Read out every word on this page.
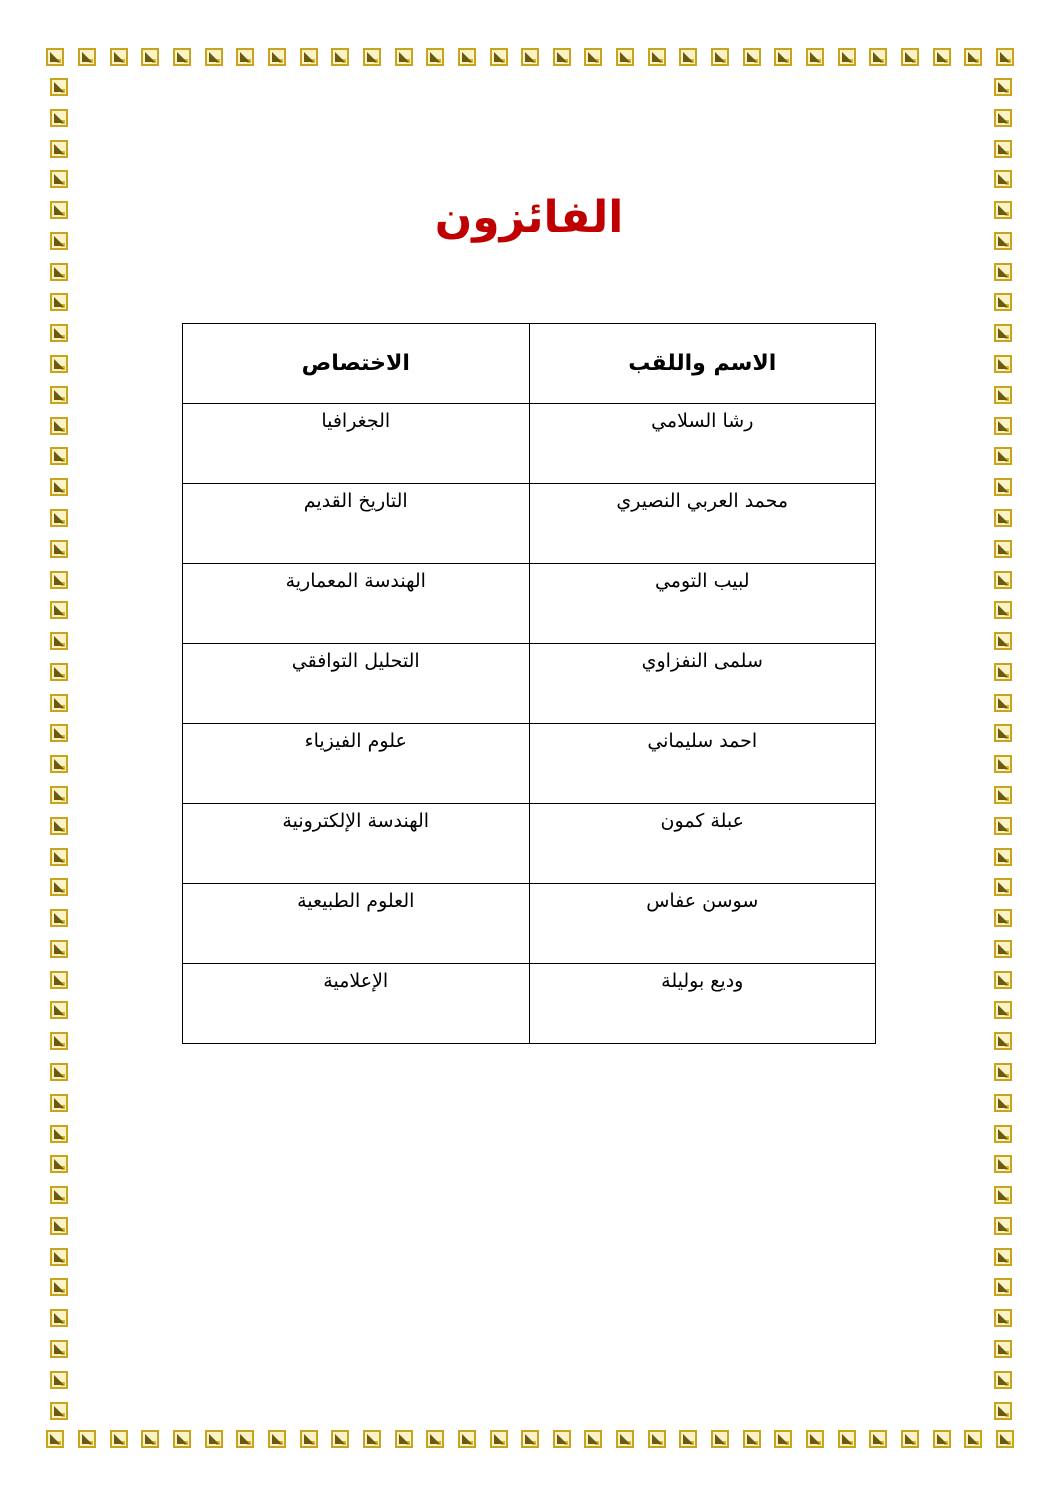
الفائزون
الاسم واللقب	الاختصاص
رشا السلامي	الجغرافيا
محمد العربي النصيري	التاريخ القديم
لبيب التومي	الهندسة المعمارية
سلمى النفزاوي	التحليل التوافقي
احمد سليماني	علوم الفيزياء
عبلة كمون	الهندسة الإلكترونية
سوسن عفاس	العلوم الطبيعية
وديع بوليلة	الإعلامية
